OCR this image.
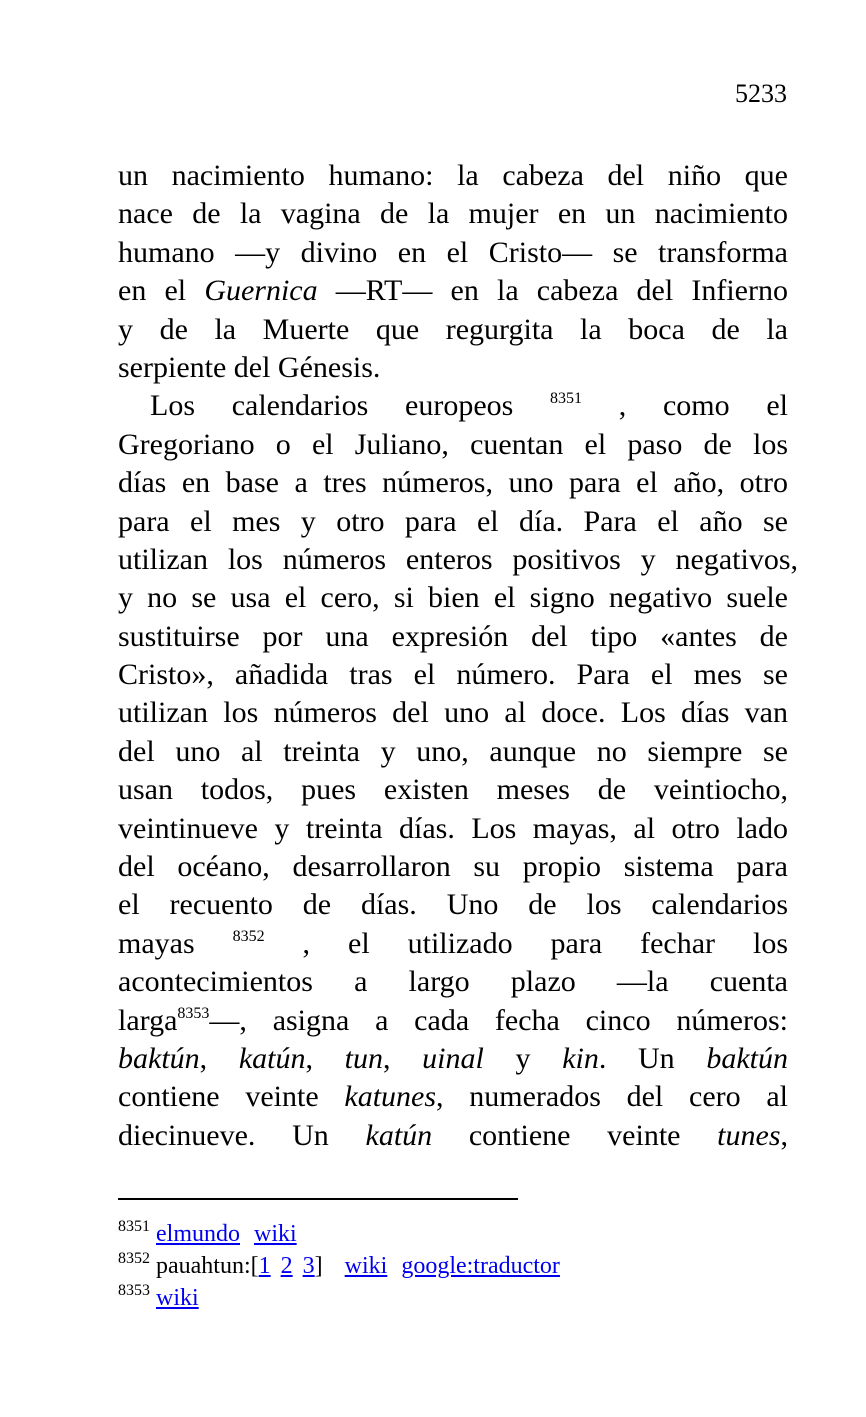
5233
un nacimiento humano: la cabeza del niño que
nace de la vagina de la mujer en un nacimiento
humano —y divino en el Cristo— se transforma
en el Guernica —RT— en la cabeza del Infierno
y de la Muerte que regurgita la boca de la
serpiente del Génesis.
Los calendarios europeos $^{8351}$ , como el
Gregoriano o el Juliano, cuentan el paso de los
días en base a tres números, uno para el año, otro
para el mes y otro para el día. Para el año se
utilizan los números enteros positivos y negativos,
y no se usa el cero, si bien el signo negativo suele
sustituirse por una expresión del tipo «antes de
Cristo», añadida tras el número. Para el mes se
utilizan los números del uno al doce. Los días van
del uno al treinta y uno, aunque no siempre se
usan todos, pues existen meses de veintiocho,
veintinueve y treinta días. Los mayas, al otro lado
del océano, desarrollaron su propio sistema para
el recuento de días. Uno de los calendarios
mayas $^{8352}$ , el utilizado para fechar los
acontecimientos a largo plazo —la cuenta
larga$^{8353}$—, asigna a cada fecha cinco números:
baktún, katún, tun, uinal y kin. Un baktún
contiene veinte katunes, numerados del cero al
diecinueve. Un katún contiene veinte tunes,
$^{8351}$ elmundo wiki
$^{8352}$ pauahtun:[1 2 3] wiki google:traductor
$^{8353}$ wiki
